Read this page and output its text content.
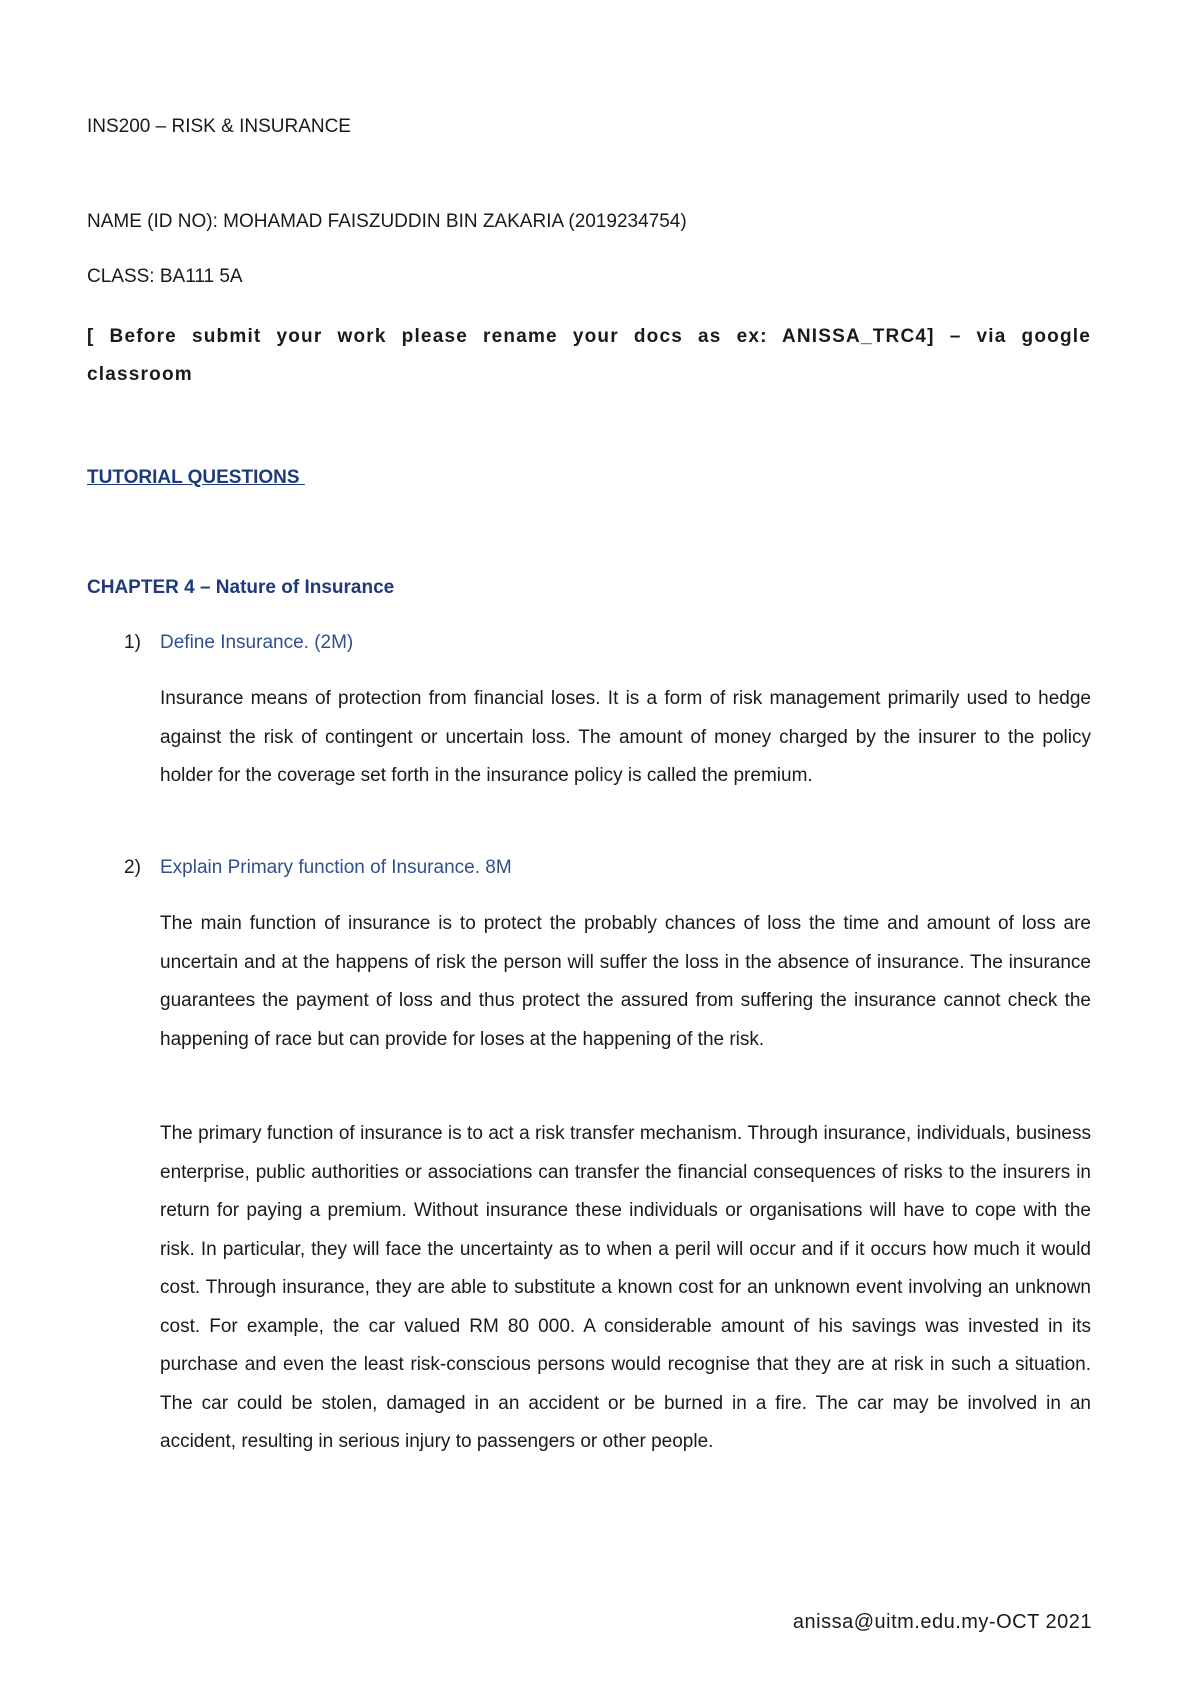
INS200 – RISK & INSURANCE
NAME (ID NO): MOHAMAD FAISZUDDIN BIN ZAKARIA (2019234754)
CLASS: BA111 5A
[ Before submit your work please rename your docs as ex: ANISSA_TRC4] – via google classroom
TUTORIAL QUESTIONS
CHAPTER 4 – Nature of Insurance
1) Define Insurance. (2M)

Insurance means of protection from financial loses. It is a form of risk management primarily used to hedge against the risk of contingent or uncertain loss. The amount of money charged by the insurer to the policy holder for the coverage set forth in the insurance policy is called the premium.

2) Explain Primary function of Insurance. 8M

The main function of insurance is to protect the probably chances of loss the time and amount of loss are uncertain and at the happens of risk the person will suffer the loss in the absence of insurance. The insurance guarantees the payment of loss and thus protect the assured from suffering the insurance cannot check the happening of race but can provide for loses at the happening of the risk.

The primary function of insurance is to act a risk transfer mechanism. Through insurance, individuals, business enterprise, public authorities or associations can transfer the financial consequences of risks to the insurers in return for paying a premium. Without insurance these individuals or organisations will have to cope with the risk. In particular, they will face the uncertainty as to when a peril will occur and if it occurs how much it would cost. Through insurance, they are able to substitute a known cost for an unknown event involving an unknown cost. For example, the car valued RM 80 000. A considerable amount of his savings was invested in its purchase and even the least risk-conscious persons would recognise that they are at risk in such a situation. The car could be stolen, damaged in an accident or be burned in a fire. The car may be involved in an accident, resulting in serious injury to passengers or other people.

anissa@uitm.edu.my-OCT 2021
